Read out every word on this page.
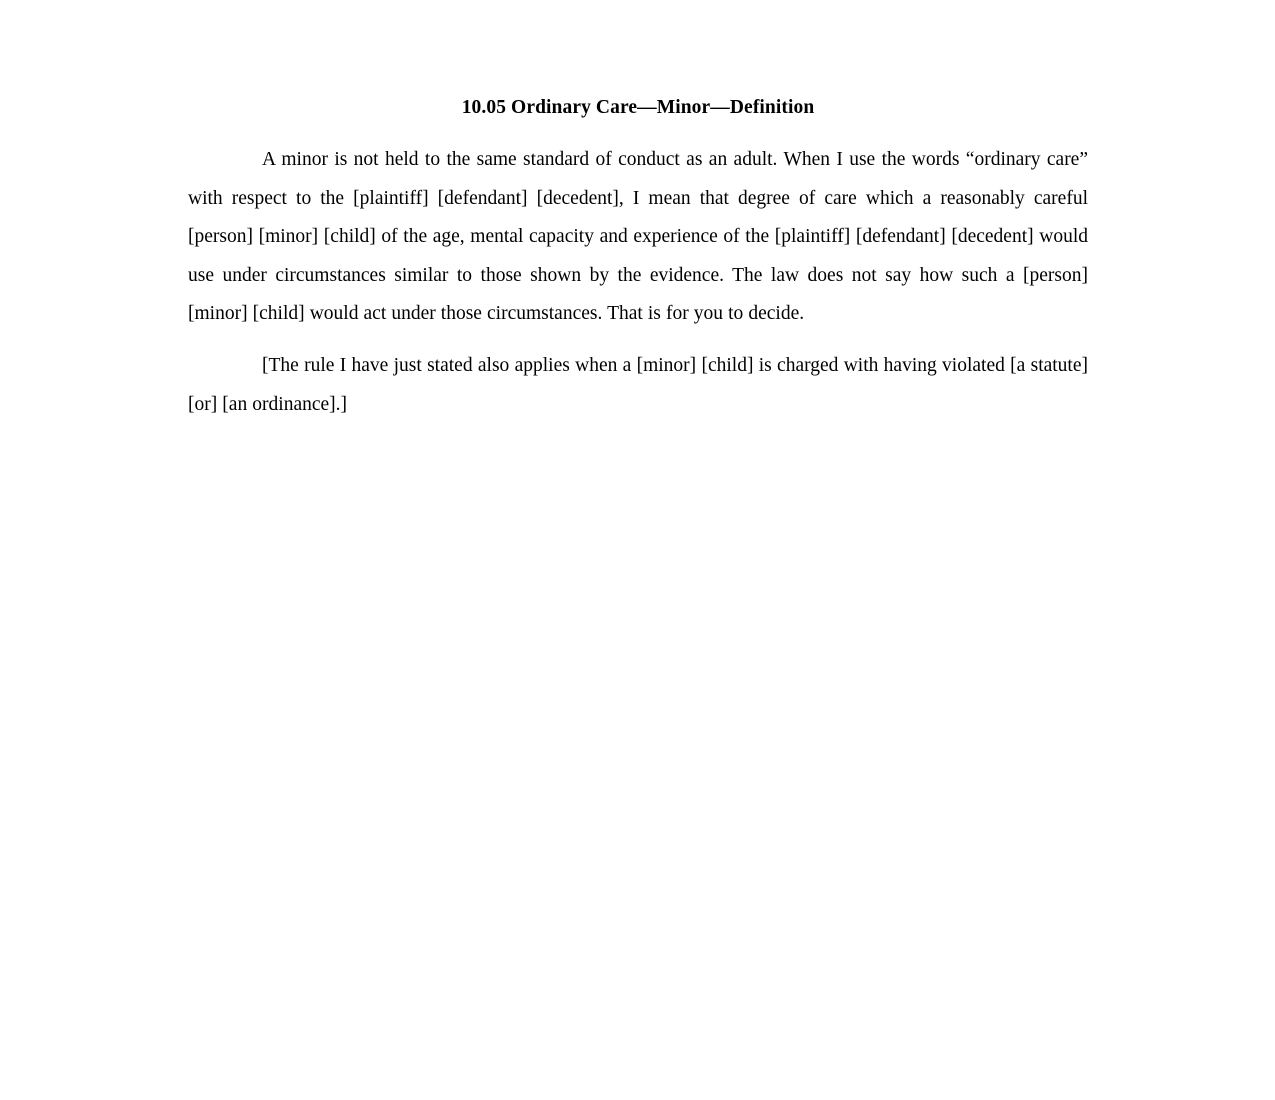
10.05 Ordinary Care—Minor—Definition

A minor is not held to the same standard of conduct as an adult. When I use the words “ordinary care” with respect to the [plaintiff] [defendant] [decedent], I mean that degree of care which a reasonably careful [person] [minor] [child] of the age, mental capacity and experience of the [plaintiff] [defendant] [decedent] would use under circumstances similar to those shown by the evidence. The law does not say how such a [person] [minor] [child] would act under those circumstances. That is for you to decide.

[The rule I have just stated also applies when a [minor] [child] is charged with having violated [a statute] [or] [an ordinance].]
